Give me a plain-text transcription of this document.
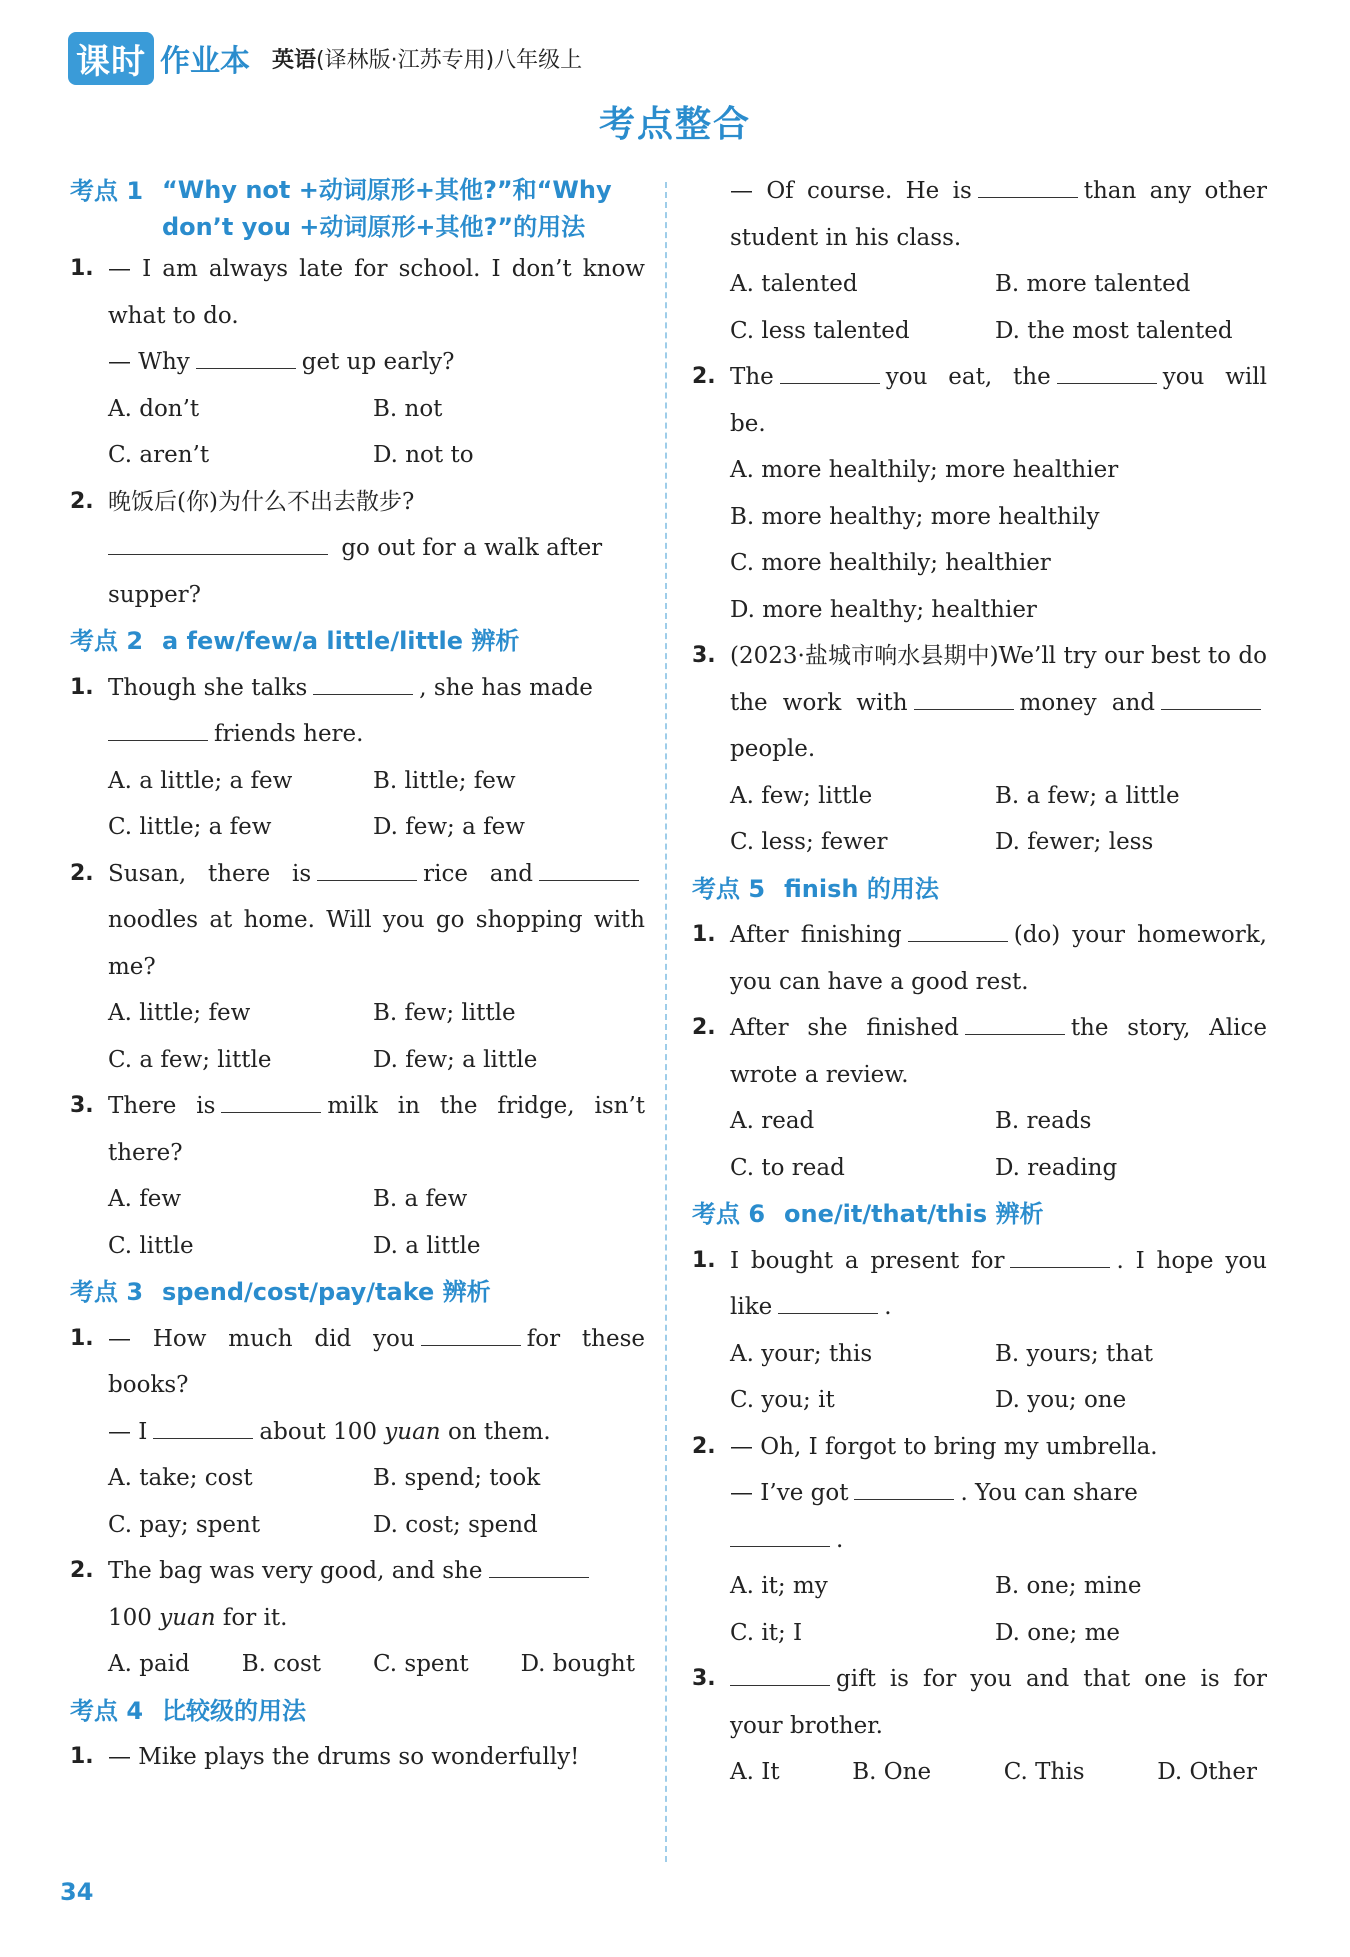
课时 作业本 英语(译林版·江苏专用)八年级上
考点整合
考点 1 “Why not +动词原形+其他?”和“Why don’t you +动词原形+其他?”的用法
1. — I am always late for school. I don’t know what to do.
— Why	get up early?
A. don’t	B. not
C. aren’t	D. not to
2. 晚饭后(你)为什么不出去散步?
go out for a walk after supper?
考点 2 a few/few/a little/little 辨析
1. Though she talks	, she has made
friends here.
A. a little; a few	B. little; few
C. little; a few	D. few; a few
2. Susan, there is	rice and noodles at home. Will you go shopping with me?
A. little; few	B. few; little
C. a few; little	D. few; a little
3. There is	milk in the fridge, isn’t there?
A. few	B. a few
C. little	D. a little
考点 3 spend/cost/pay/take 辨析
1. — How much did you	for these books?
— I	about 100 yuan on them.
A. take; cost	B. spend; took
C. pay; spent	D. cost; spend
2. The bag was very good, and she
100 yuan for it.
A. paid B. cost C. spent D. bought
考点 4 比较级的用法
1. — Mike plays the drums so wonderfully!
— Of course. He is	than any other student in his class.
A. talented	B. more talented
C. less talented	D. the most talented
2. The	you eat, the	you will be.
A. more healthily; more healthier
B. more healthy; more healthily
C. more healthily; healthier
D. more healthy; healthier
3. (2023·盐城市响水县期中)We’ll try our best to do the work with	money andpeople.
A. few; little	B. a few; a little
C. less; fewer	D. fewer; less
考点 5 finish 的用法
1. After finishing	(do) your homework, you can have a good rest.
2. After she finished	the story, Alice wrote a review.
A. read	B. reads
C. to read	D. reading
考点 6 one/it/that/this 辨析
1. I bought a present for	. I hope you like	.
A. your; this	B. yours; that
C. you; it	D. you; one
2. — Oh, I forgot to bring my umbrella.
— I’ve got	. You can share
.
A. it; my	B. one; mine
C. it; I	D. one; me
3.	gift is for you and that one is for your brother.
A. It	B. One	C. This	D. Other
34
